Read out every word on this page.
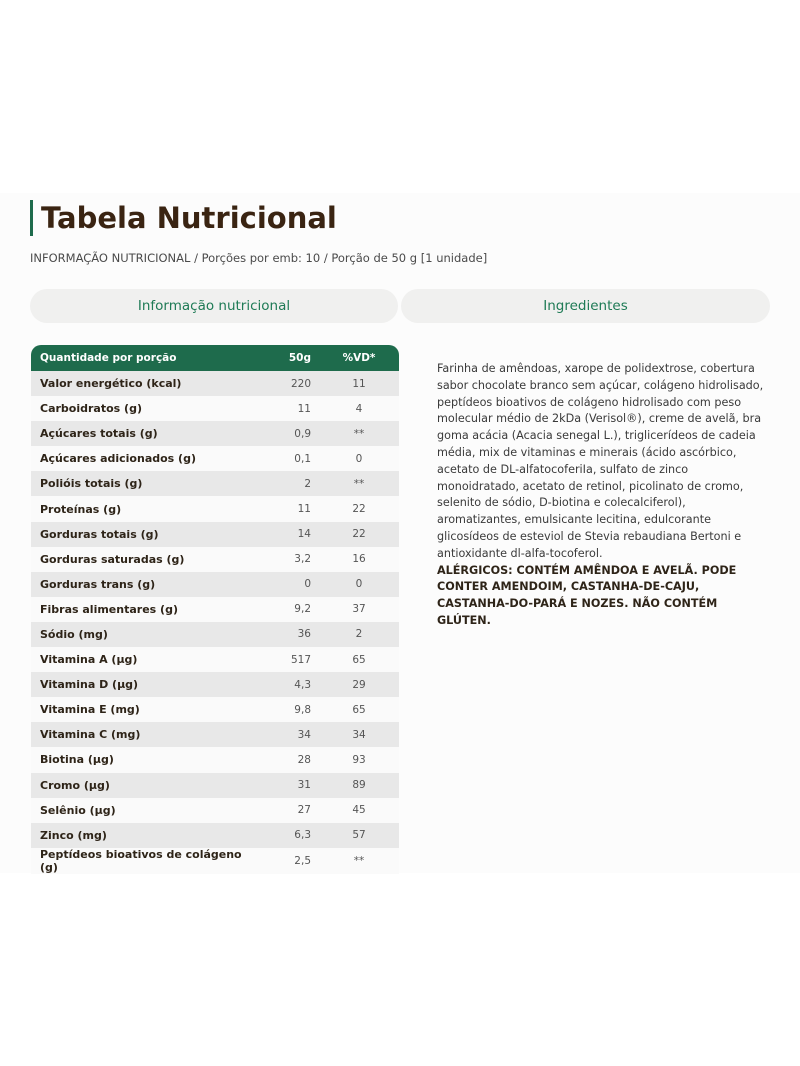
Tabela Nutricional
INFORMAÇÃO NUTRICIONAL / Porções por emb: 10 / Porção de 50 g [1 unidade]
Informação nutricional	Ingredientes
Quantidade por porção	50g	%VD*
Valor energético (kcal)	220	11
Carboidratos (g)	11	4
Açúcares totais (g)	0,9	**
Açúcares adicionados (g)	0,1	0
Polióis totais (g)	2	**
Proteínas (g)	11	22
Gorduras totais (g)	14	22
Gorduras saturadas (g)	3,2	16
Gorduras trans (g)	0	0
Fibras alimentares (g)	9,2	37
Sódio (mg)	36	2
Vitamina A (µg)	517	65
Vitamina D (µg)	4,3	29
Vitamina E (mg)	9,8	65
Vitamina C (mg)	34	34
Biotina (µg)	28	93
Cromo (µg)	31	89
Selênio (µg)	27	45
Zinco (mg)	6,3	57
Peptídeos bioativos de colágeno (g)	2,5	**

Farinha de amêndoas, xarope de polidextrose, cobertura sabor chocolate branco sem açúcar, colágeno hidrolisado, peptídeos bioativos de colágeno hidrolisado com peso molecular médio de 2kDa (Verisol®), creme de avelã, bra goma acácia (Acacia senegal L.), triglicerídeos de cadeia média, mix de vitaminas e minerais (ácido ascórbico, acetato de DL-alfatocoferiIa, sulfato de zinco monoidratado, acetato de retinol, picolinato de cromo, selenito de sódio, D-biotina e colecalciferol), aromatizantes, emulsicante lecitina, edulcorante glicosídeos de esteviol de Stevia rebaudiana Bertoni e antioxidante dl-alfa-tocoferol.

ALÉRGICOS: CONTÉM AMÊNDOA E AVELÃ. PODE CONTER AMENDOIM, CASTANHA-DE-CAJU, CASTANHA-DO-PARÁ E NOZES. NÃO CONTÉM GLÚTEN.
